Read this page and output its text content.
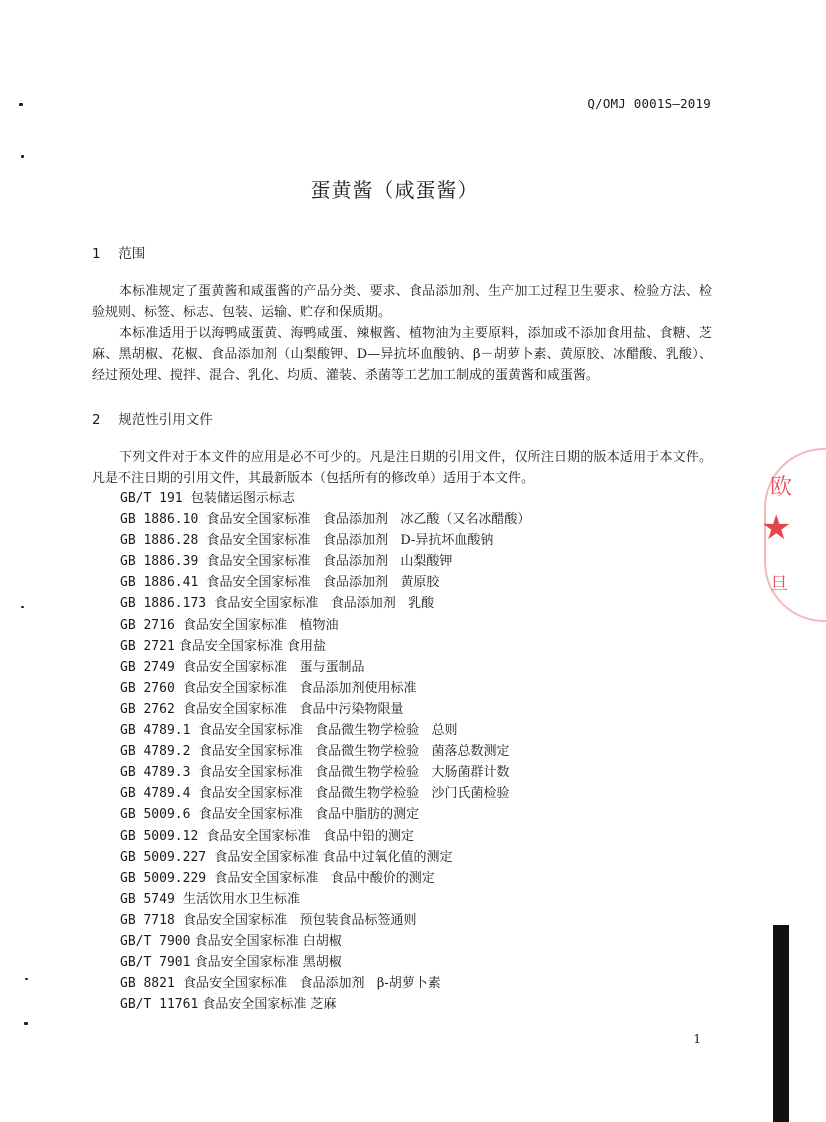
Q/OMJ 0001S—2019
蛋黄酱（咸蛋酱）
1 范围

本标准规定了蛋黄酱和咸蛋酱的产品分类、要求、食品添加剂、生产加工过程卫生要求、检验方法、检验规则、标签、标志、包装、运输、贮存和保质期。

本标准适用于以海鸭咸蛋黄、海鸭咸蛋、辣椒酱、植物油为主要原料，添加或不添加食用盐、食糖、芝麻、黑胡椒、花椒、食品添加剂（山梨酸钾、D—异抗坏血酸钠、β－胡萝卜素、黄原胶、冰醋酸、乳酸）、经过预处理、搅拌、混合、乳化、均质、灌装、杀菌等工艺加工制成的蛋黄酱和咸蛋酱。

2 规范性引用文件

下列文件对于本文件的应用是必不可少的。凡是注日期的引用文件，仅所注日期的版本适用于本文件。凡是不注日期的引用文件，其最新版本（包括所有的修改单）适用于本文件。

GB/T 191  包装储运图示标志
GB 1886.10  食品安全国家标准   食品添加剂   冰乙酸（又名冰醋酸）
GB 1886.28  食品安全国家标准   食品添加剂   D-异抗坏血酸钠
GB 1886.39  食品安全国家标准   食品添加剂   山梨酸钾
GB 1886.41  食品安全国家标准   食品添加剂   黄原胶
GB 1886.173  食品安全国家标准   食品添加剂   乳酸
GB 2716  食品安全国家标准   植物油
GB 2721 食品安全国家标准 食用盐
GB 2749  食品安全国家标准   蛋与蛋制品
GB 2760  食品安全国家标准   食品添加剂使用标准
GB 2762  食品安全国家标准   食品中污染物限量
GB 4789.1  食品安全国家标准   食品微生物学检验   总则
GB 4789.2  食品安全国家标准   食品微生物学检验   菌落总数测定
GB 4789.3  食品安全国家标准   食品微生物学检验   大肠菌群计数
GB 4789.4  食品安全国家标准   食品微生物学检验   沙门氏菌检验
GB 5009.6  食品安全国家标准   食品中脂肪的测定
GB 5009.12  食品安全国家标准   食品中铅的测定
GB 5009.227  食品安全国家标准 食品中过氧化值的测定
GB 5009.229  食品安全国家标准   食品中酸价的测定
GB 5749  生活饮用水卫生标准
GB 7718  食品安全国家标准   预包装食品标签通则
GB/T 7900 食品安全国家标准 白胡椒
GB/T 7901 食品安全国家标准 黑胡椒
GB 8821  食品安全国家标准   食品添加剂   β-胡萝卜素
GB/T 11761 食品安全国家标准 芝麻
1
欧
★
旦
